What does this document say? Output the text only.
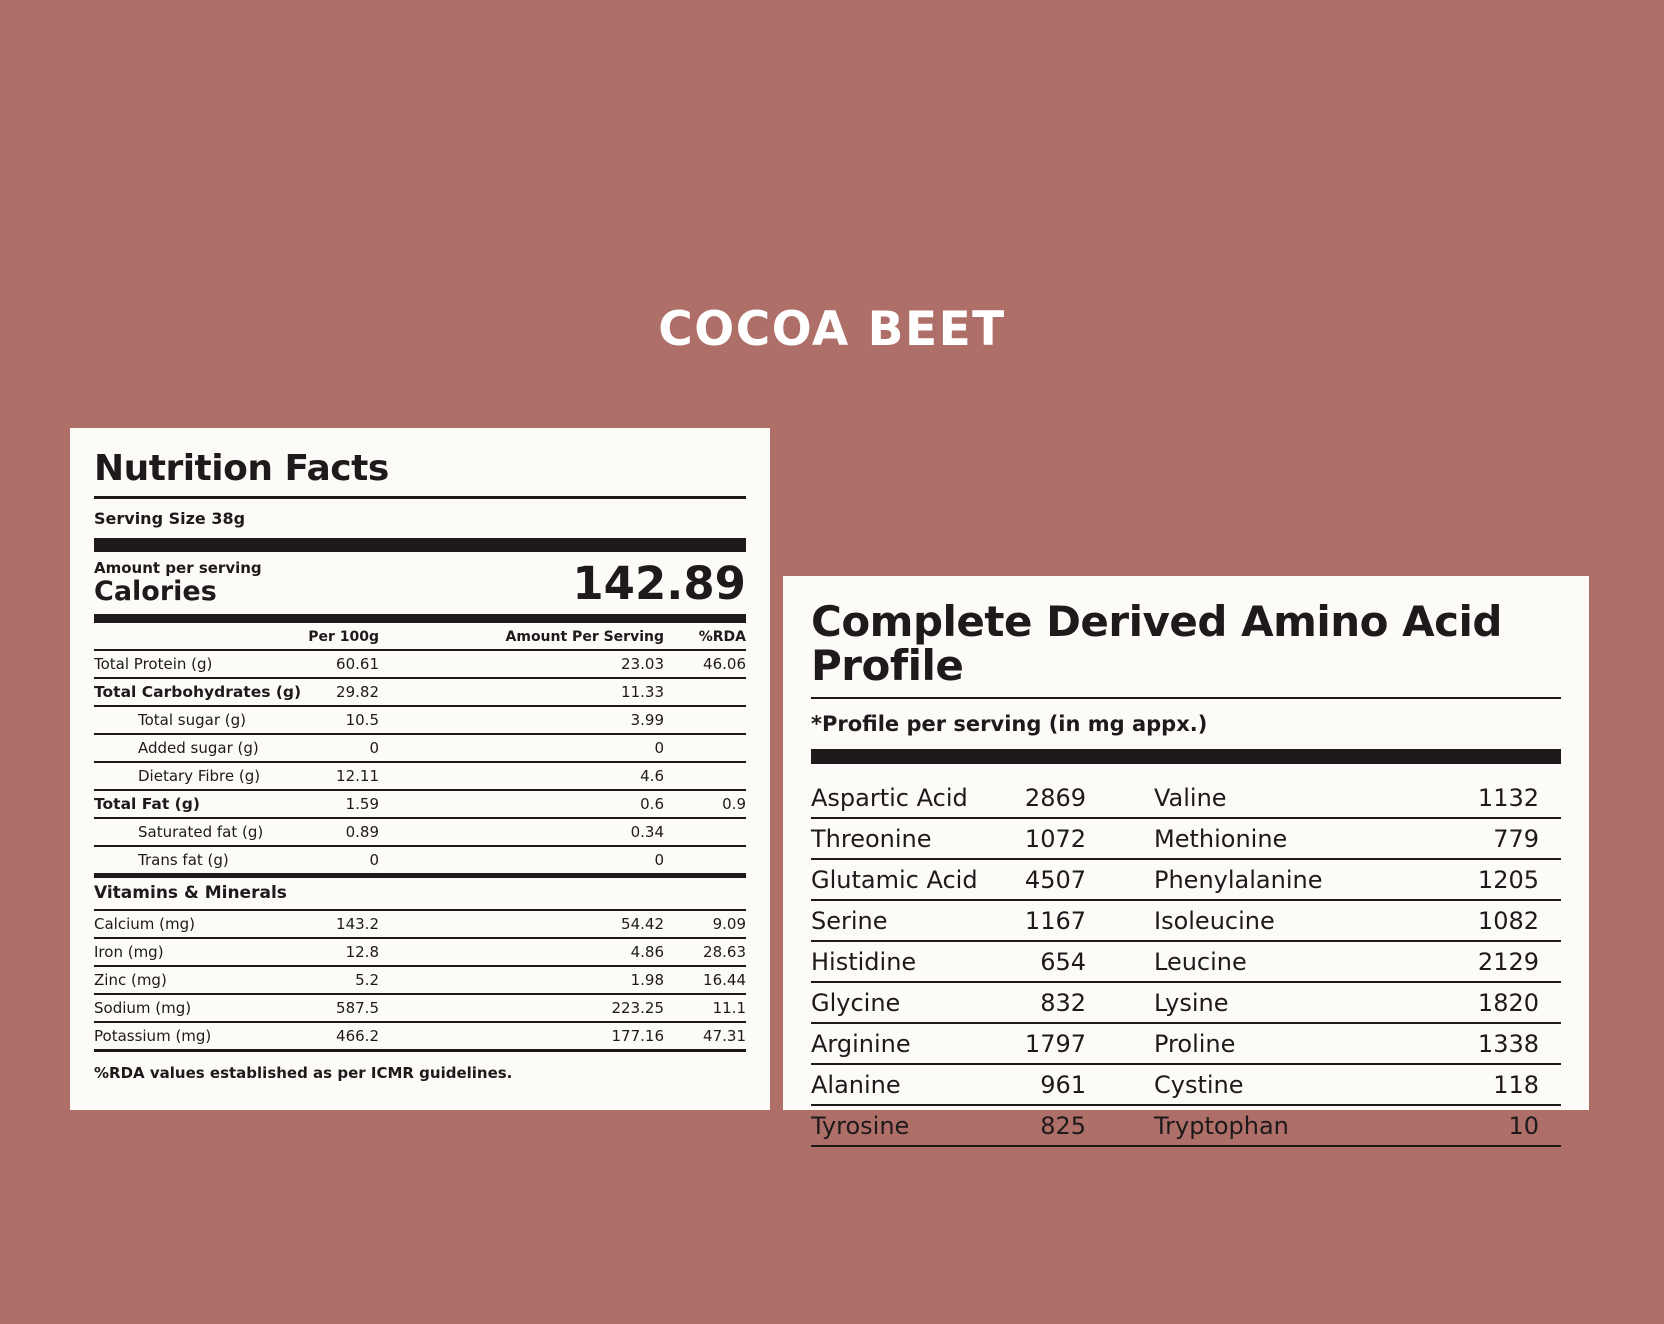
COCOA BEET
Nutrition Facts
Serving Size 38g
Amount per serving
Calories	142.89
Per 100g	Amount Per Serving	%RDA
Total Protein (g)	60.61	23.03	46.06
Total Carbohydrates (g)	29.82	11.33
Total sugar (g)	10.5	3.99
Added sugar (g)	0	0
Dietary Fibre (g)	12.11	4.6
Total Fat (g)	1.59	0.6	0.9
Saturated fat (g)	0.89	0.34
Trans fat (g)	0	0
Vitamins & Minerals
Calcium (mg)	143.2	54.42	9.09
Iron (mg)	12.8	4.86	28.63
Zinc (mg)	5.2	1.98	16.44
Sodium (mg)	587.5	223.25	11.1
Potassium (mg)	466.2	177.16	47.31
%RDA values established as per ICMR guidelines.
Complete Derived Amino Acid Profile
*Profile per serving (in mg appx.)
Aspartic Acid	2869	Valine	1132
Threonine	1072	Methionine	779
Glutamic Acid	4507	Phenylalanine	1205
Serine	1167	Isoleucine	1082
Histidine	654	Leucine	2129
Glycine	832	Lysine	1820
Arginine	1797	Proline	1338
Alanine	961	Cystine	118
Tyrosine	825	Tryptophan	10
